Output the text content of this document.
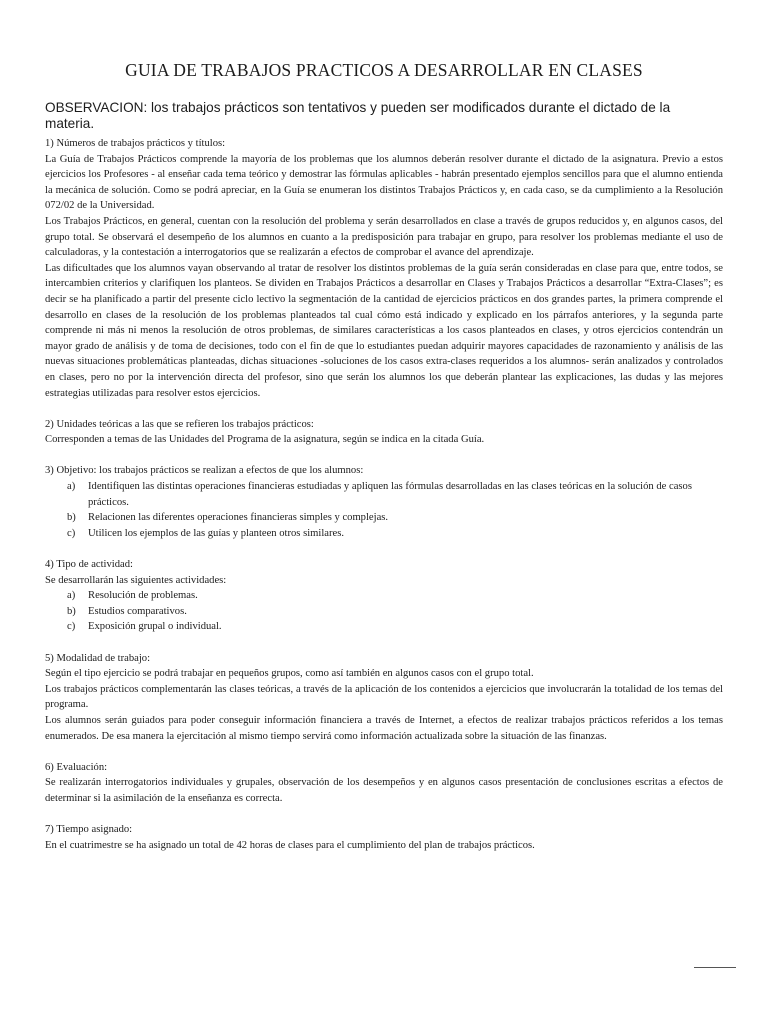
GUIA DE TRABAJOS PRACTICOS A DESARROLLAR EN CLASES

OBSERVACION: los trabajos prácticos son tentativos y pueden ser modificados durante el dictado de la materia.

1) Números de trabajos prácticos y títulos:

La Guía de Trabajos Prácticos comprende la mayoría de los problemas que los alumnos deberán resolver durante el dictado de la asignatura. Previo a estos ejercicios los Profesores - al enseñar cada tema teórico y demostrar las fórmulas aplicables - habrán presentado ejemplos sencillos para que el alumno entienda la mecánica de solución. Como se podrá apreciar, en la Guía se enumeran los distintos Trabajos Prácticos y, en cada caso, se da cumplimiento a la Resolución 072/02 de la Universidad.

Los Trabajos Prácticos, en general, cuentan con la resolución del problema y serán desarrollados en clase a través de grupos reducidos y, en algunos casos, del grupo total. Se observará el desempeño de los alumnos en cuanto a la predisposición para trabajar en grupo, para resolver los problemas mediante el uso de calculadoras, y la contestación a interrogatorios que se realizarán a efectos de comprobar el avance del aprendizaje.

Las dificultades que los alumnos vayan observando al tratar de resolver los distintos problemas de la guía serán consideradas en clase para que, entre todos, se intercambien criterios y clarifiquen los planteos. Se dividen en Trabajos Prácticos a desarrollar en Clases y Trabajos Prácticos a desarrollar “Extra-Clases”; es decir se ha planificado a partir del presente ciclo lectivo la segmentación de la cantidad de ejercicios prácticos en dos grandes partes, la primera comprende el desarrollo en clases de la resolución de los problemas planteados tal cual cómo está indicado y explicado en los párrafos anteriores, y la segunda parte comprende ni más ni menos la resolución de otros problemas, de similares características a los casos planteados en clases, y otros ejercicios contendrán un mayor grado de análisis y de toma de decisiones, todo con el fin de que lo estudiantes puedan adquirir mayores capacidades de razonamiento y análisis de las nuevas situaciones problemáticas planteadas, dichas situaciones -soluciones de los casos extra-clases requeridos a los alumnos- serán analizados y controlados en clases, pero no por la intervención directa del profesor, sino que serán los alumnos los que deberán plantear las explicaciones, las dudas y las mejores estrategias utilizadas para resolver estos ejercicios.

2) Unidades teóricas a las que se refieren los trabajos prácticos:

Corresponden a temas de las Unidades del Programa de la asignatura, según se indica en la citada Guía.

3) Objetivo: los trabajos prácticos se realizan a efectos de que los alumnos:

a)	Identifiquen las distintas operaciones financieras estudiadas y apliquen las fórmulas desarrolladas en las clases teóricas en la solución de casos prácticos.
b)	Relacionen las diferentes operaciones financieras simples y complejas.
c)	Utilicen los ejemplos de las guías y planteen otros similares.

4) Tipo de actividad:

Se desarrollarán las siguientes actividades:

a)	Resolución de problemas.
b)	Estudios comparativos.
c)	Exposición grupal o individual.

5) Modalidad de trabajo:

Según el tipo ejercicio se podrá trabajar en pequeños grupos, como así también en algunos casos con el grupo total.

Los trabajos prácticos complementarán las clases teóricas, a través de la aplicación de los contenidos a ejercicios que involucrarán la totalidad de los temas del programa.

Los alumnos serán guiados para poder conseguir información financiera a través de Internet, a efectos de realizar trabajos prácticos referidos a los temas enumerados. De esa manera la ejercitación al mismo tiempo servirá como información actualizada sobre la situación de las finanzas.

6) Evaluación:

Se realizarán interrogatorios individuales y grupales, observación de los desempeños y en algunos casos presentación de conclusiones escritas a efectos de determinar si la asimilación de la enseñanza es correcta.

7) Tiempo asignado:

En el cuatrimestre se ha asignado un total de 42 horas de clases para el cumplimiento del plan de trabajos prácticos.
